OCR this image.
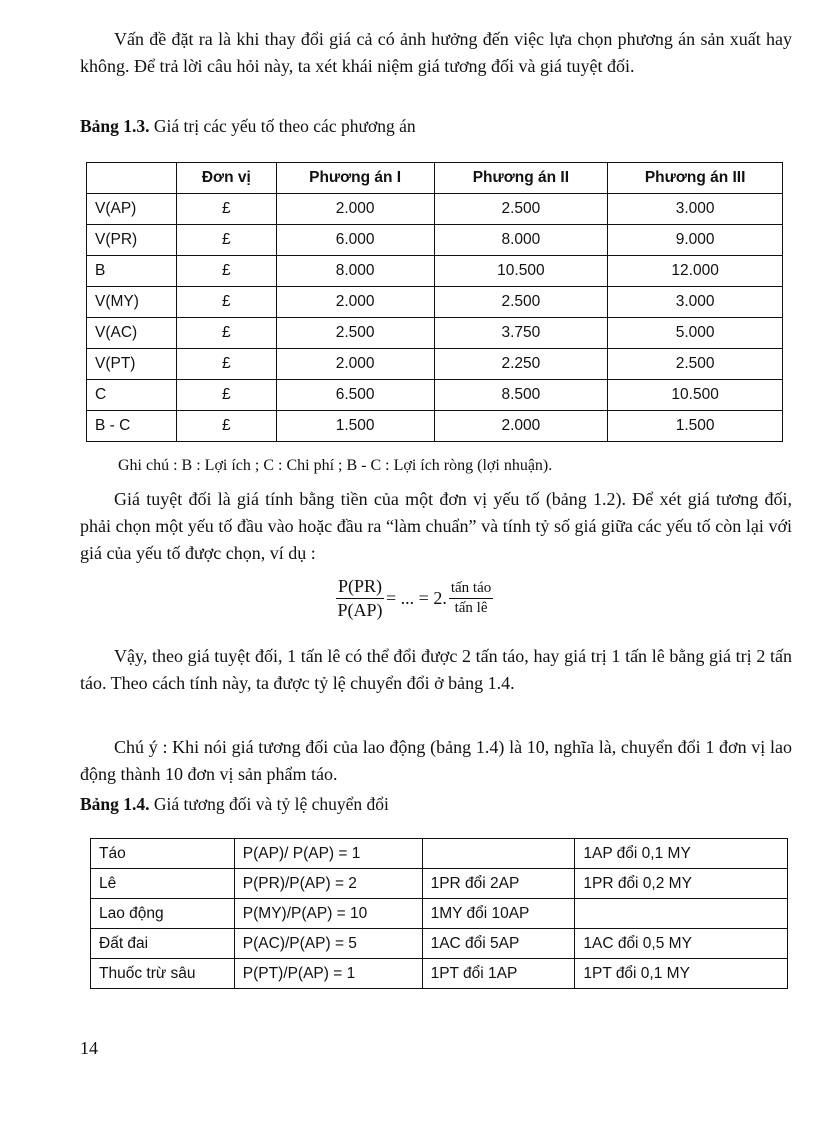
Vấn đề đặt ra là khi thay đổi giá cả có ảnh hưởng đến việc lựa chọn phương án sản xuất hay không. Để trả lời câu hỏi này, ta xét khái niệm giá tương đối và giá tuyệt đối.

Bảng 1.3. Giá trị các yếu tố theo các phương án

	Đơn vị	Phương án I	Phương án II	Phương án III
V(AP)	£	2.000	2.500	3.000
V(PR)	£	6.000	8.000	9.000
B	£	8.000	10.500	12.000
V(MY)	£	2.000	2.500	3.000
V(AC)	£	2.500	3.750	5.000
V(PT)	£	2.000	2.250	2.500
C	£	6.500	8.500	10.500
B - C	£	1.500	2.000	1.500

Ghi chú : B : Lợi ích ; C : Chi phí ; B - C : Lợi ích ròng (lợi nhuận).

Giá tuyệt đối là giá tính bằng tiền của một đơn vị yếu tố (bảng 1.2). Để xét giá tương đối, phải chọn một yếu tố đầu vào hoặc đầu ra “làm chuẩn” và tính tỷ số giá giữa các yếu tố còn lại với giá của yếu tố được chọn, ví dụ :

$\frac{P(PR)}{P(AP)}$ = ... = 2. $\frac{\text{tấn táo}}{\text{tấn lê}}$

Vậy, theo giá tuyệt đối, 1 tấn lê có thể đổi được 2 tấn táo, hay giá trị 1 tấn lê bằng giá trị 2 tấn táo. Theo cách tính này, ta được tỷ lệ chuyển đổi ở bảng 1.4.

Chú ý : Khi nói giá tương đối của lao động (bảng 1.4) là 10, nghĩa là, chuyển đổi 1 đơn vị lao động thành 10 đơn vị sản phẩm táo.

Bảng 1.4. Giá tương đối và tỷ lệ chuyển đổi

Táo	P(AP)/ P(AP) = 1		1AP đổi 0,1 MY
Lê	P(PR)/P(AP) = 2	1PR đổi 2AP	1PR đổi 0,2 MY
Lao động	P(MY)/P(AP) = 10	1MY đổi 10AP	
Đất đai	P(AC)/P(AP) = 5	1AC đổi 5AP	1AC đổi 0,5 MY
Thuốc trừ sâu	P(PT)/P(AP) = 1	1PT đổi 1AP	1PT đổi 0,1 MY

14
